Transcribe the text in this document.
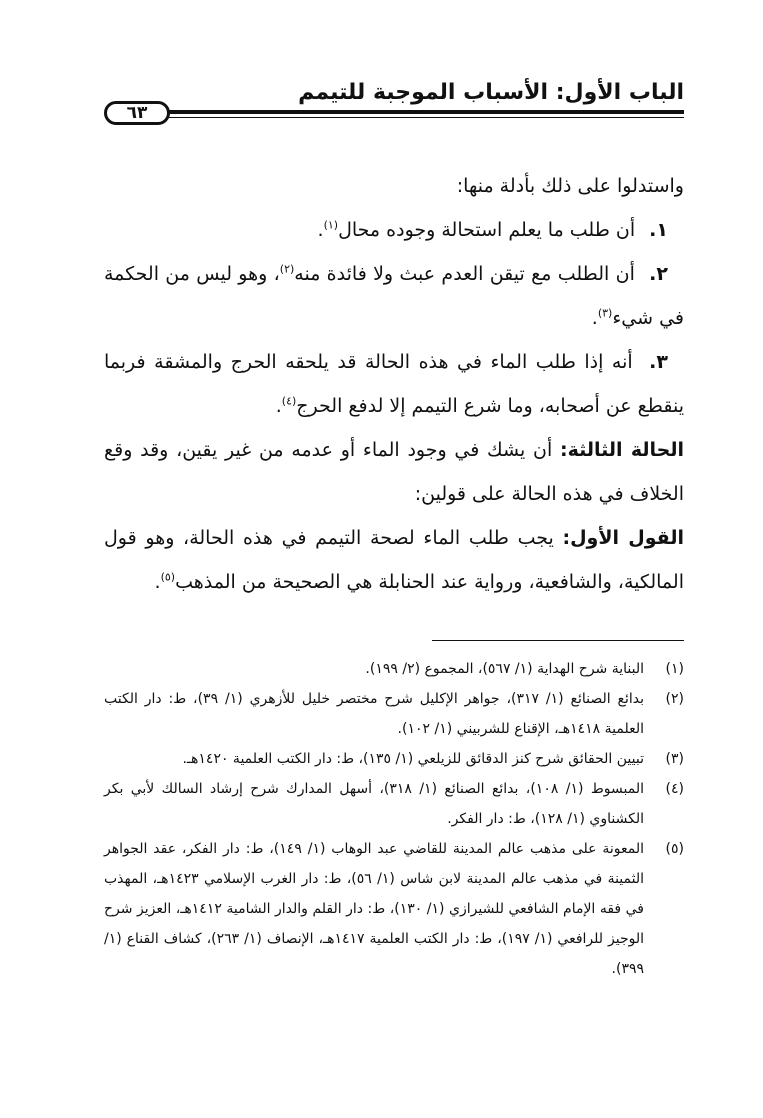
الباب الأول: الأسباب الموجبة للتيمم
٦٣

واستدلوا على ذلك بأدلة منها:

١. أن طلب ما يعلم استحالة وجوده محال$^{(١)}$.

٢. أن الطلب مع تيقن العدم عبث ولا فائدة منه$^{(٢)}$، وهو ليس من الحكمة في شيء$^{(٣)}$.

٣. أنه إذا طلب الماء في هذه الحالة قد يلحقه الحرج والمشقة فربما ينقطع عن أصحابه، وما شرع التيمم إلا لدفع الحرج$^{(٤)}$.

الحالة الثالثة: أن يشك في وجود الماء أو عدمه من غير يقين، وقد وقع الخلاف في هذه الحالة على قولين:

القول الأول: يجب طلب الماء لصحة التيمم في هذه الحالة، وهو قول المالكية، والشافعية، ورواية عند الحنابلة هي الصحيحة من المذهب$^{(٥)}$.

(١)
البناية شرح الهداية (١/ ٥٦٧)، المجموع (٢/ ١٩٩).
(٢)
بدائع الصنائع (١/ ٣١٧)، جواهر الإكليل شرح مختصر خليل للأزهري (١/ ٣٩)، ط: دار الكتب العلمية ١٤١٨هـ، الإقناع للشربيني (١/ ١٠٢).
(٣)
تبيين الحقائق شرح كنز الدقائق للزيلعي (١/ ١٣٥)، ط: دار الكتب العلمية ١٤٢٠هـ.
(٤)
المبسوط (١/ ١٠٨)، بدائع الصنائع (١/ ٣١٨)، أسهل المدارك شرح إرشاد السالك لأبي بكر الكشناوي (١/ ١٢٨)، ط: دار الفكر.
(٥)
المعونة على مذهب عالم المدينة للقاضي عبد الوهاب (١/ ١٤٩)، ط: دار الفكر، عقد الجواهر الثمينة في مذهب عالم المدينة لابن شاس (١/ ٥٦)، ط: دار الغرب الإسلامي ١٤٢٣هـ، المهذب في فقه الإمام الشافعي للشيرازي (١/ ١٣٠)، ط: دار القلم والدار الشامية ١٤١٢هـ، العزيز شرح الوجيز للرافعي (١/ ١٩٧)، ط: دار الكتب العلمية ١٤١٧هـ، الإنصاف (١/ ٢٦٣)، كشاف القناع (١/ ٣٩٩).
